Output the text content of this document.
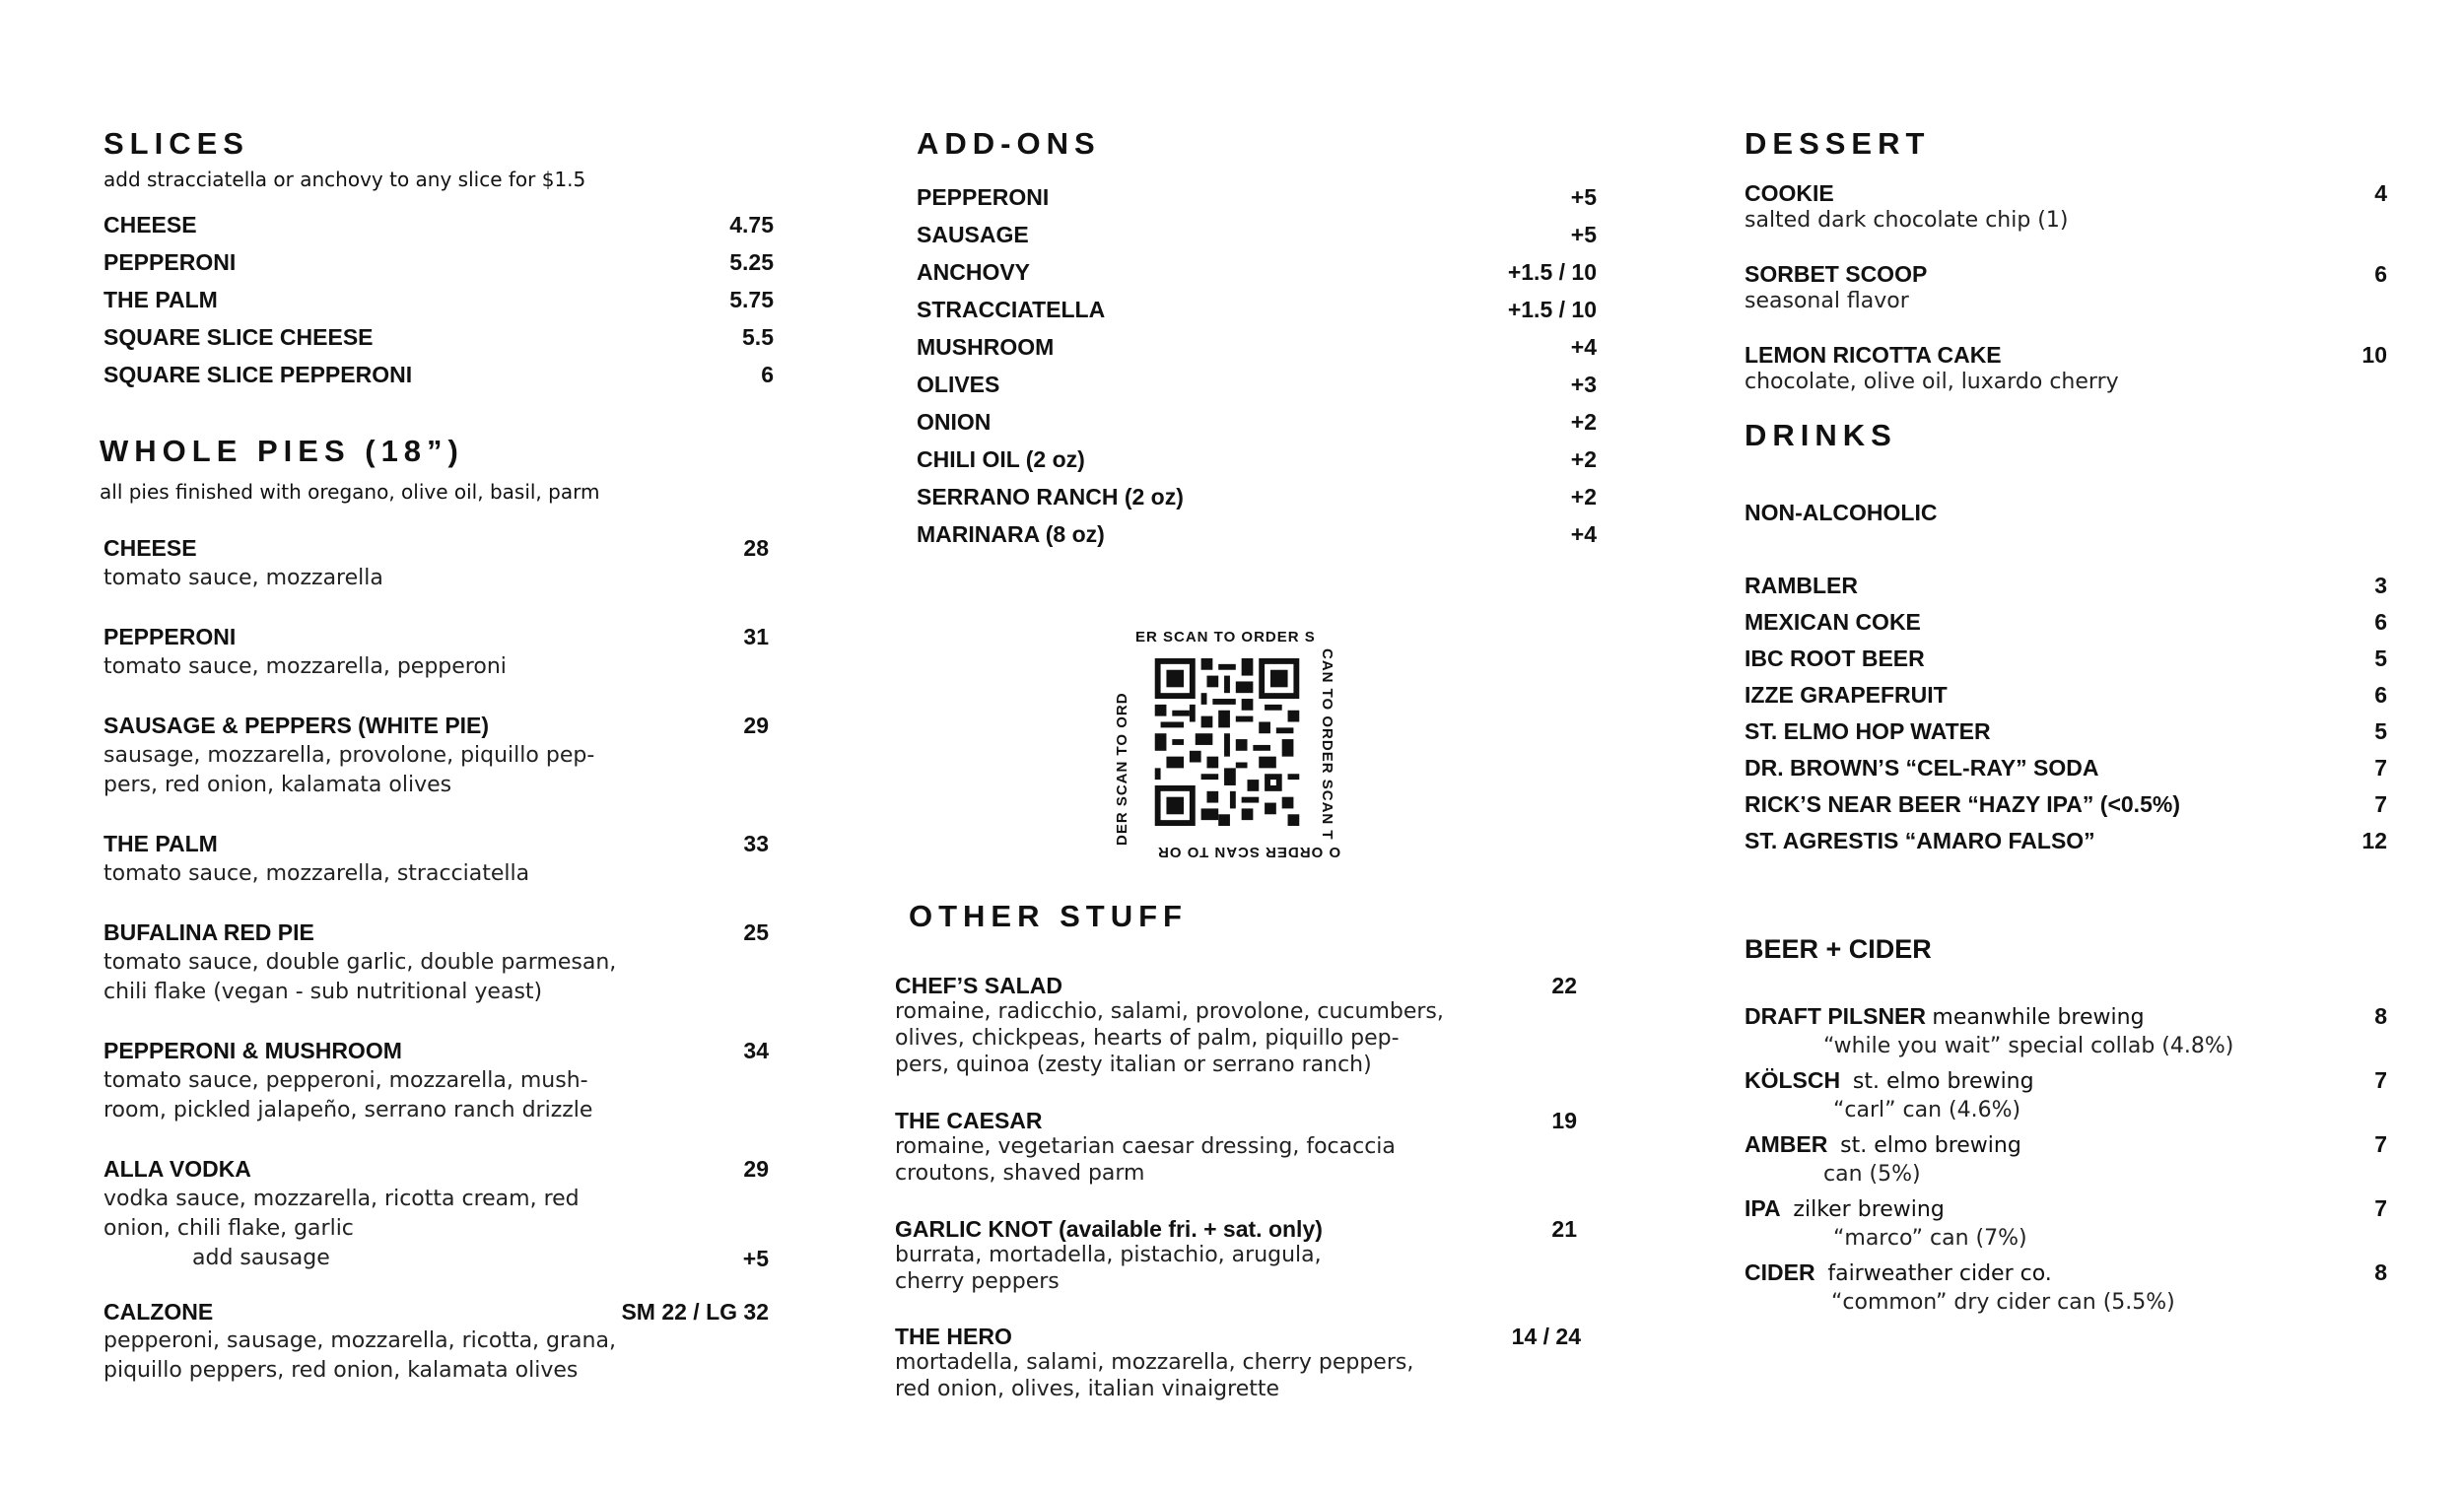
SLICES
add stracciatella or anchovy to any slice for $1.5
CHEESE	4.75
PEPPERONI	5.25
THE PALM	5.75
SQUARE SLICE CHEESE	5.5
SQUARE SLICE PEPPERONI	6
WHOLE PIES (18”)
all pies finished with oregano, olive oil, basil, parm
CHEESE	28
tomato sauce, mozzarella
PEPPERONI	31
tomato sauce, mozzarella, pepperoni
SAUSAGE & PEPPERS (WHITE PIE)	29
sausage, mozzarella, provolone, piquillo pep-
pers, red onion, kalamata olives
THE PALM	33
tomato sauce, mozzarella, stracciatella
BUFALINA RED PIE	25
tomato sauce, double garlic, double parmesan,
chili flake (vegan - sub nutritional yeast)
PEPPERONI & MUSHROOM	34
tomato sauce, pepperoni, mozzarella, mush-
room, pickled jalapeño, serrano ranch drizzle
ALLA VODKA	29
vodka sauce, mozzarella, ricotta cream, red
onion, chili flake, garlic
add sausage	+5
CALZONE	SM 22 / LG 32
pepperoni, sausage, mozzarella, ricotta, grana,
piquillo peppers, red onion, kalamata olives
ADD-ONS
PEPPERONI	+5
SAUSAGE	+5
ANCHOVY	+1.5 / 10
STRACCIATELLA	+1.5 / 10
MUSHROOM	+4
OLIVES	+3
ONION	+2
CHILI OIL (2 oz)	+2
SERRANO RANCH (2 oz)	+2
MARINARA (8 oz)	+4
OTHER STUFF
CHEF’S SALAD	22
romaine, radicchio, salami, provolone, cucumbers,
olives, chickpeas, hearts of palm, piquillo pep-
pers, quinoa (zesty italian or serrano ranch)
THE CAESAR	19
romaine, vegetarian caesar dressing, focaccia
croutons, shaved parm
GARLIC KNOT (available fri. + sat. only)	21
burrata, mortadella, pistachio, arugula,
cherry peppers
THE HERO	14 / 24
mortadella, salami, mozzarella, cherry peppers,
red onion, olives, italian vinaigrette
ER SCAN TO ORDER S
CAN TO ORDER SCAN T
O ORDER SCAN TO OR
DER SCAN TO ORD
DESSERT
COOKIE	4
salted dark chocolate chip (1)
SORBET SCOOP	6
seasonal flavor
LEMON RICOTTA CAKE	10
chocolate, olive oil, luxardo cherry
DRINKS
NON-ALCOHOLIC
RAMBLER	3
MEXICAN COKE	6
IBC ROOT BEER	5
IZZE GRAPEFRUIT	6
ST. ELMO HOP WATER	5
DR. BROWN’S “CEL-RAY” SODA	7
RICK’S NEAR BEER “HAZY IPA” (<0.5%)	7
ST. AGRESTIS “AMARO FALSO”	12
BEER + CIDER
DRAFT PILSNER meanwhile brewing	8
“while you wait” special collab (4.8%)
KÖLSCH st. elmo brewing	7
“carl” can (4.6%)
AMBER st. elmo brewing	7
can (5%)
IPA zilker brewing	7
“marco” can (7%)
CIDER fairweather cider co.	8
“common” dry cider can (5.5%)
